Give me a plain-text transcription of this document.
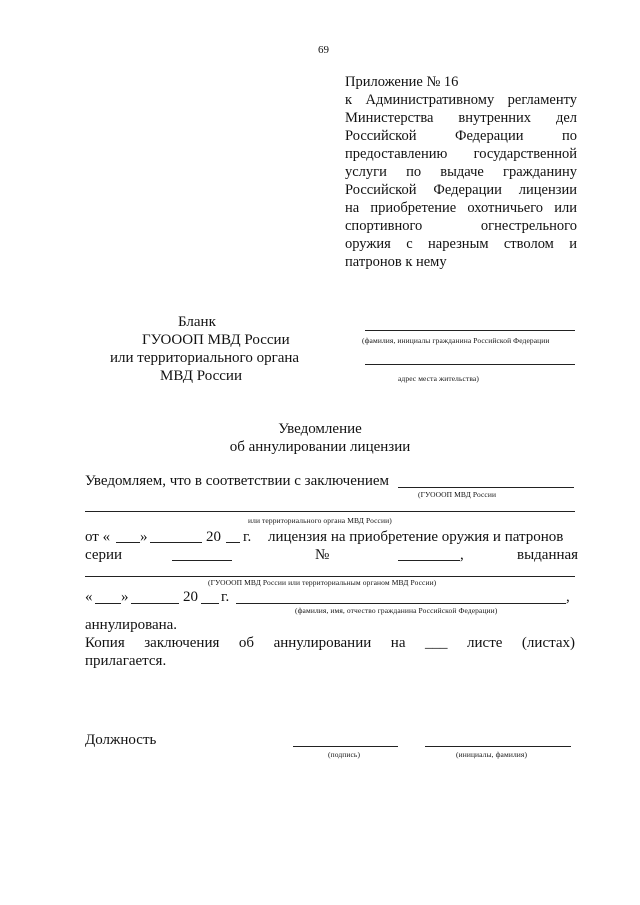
69
Приложение № 16
к Административному регламенту
Министерства внутренних дел
Российской Федерации по
предоставлению государственной
услуги по выдаче гражданину
Российской Федерации лицензии
на приобретение охотничьего или
спортивного огнестрельного
оружия с нарезным стволом и
патронов к нему
Бланк
ГУОООП МВД России
или территориального органа
МВД России
(фамилия, инициалы гражданина Российской Федерации
адрес места жительства)
Уведомление
об аннулировании лицензии
Уведомляем, что в соответствии с заключением
(ГУОООП МВД России
или территориального органа МВД России)
от « »	20 г. лицензия на приобретение оружия и патронов
серии	№	,	выданная
(ГУОООП МВД России или территориальным органом МВД России)
« »	20 г.	,
(фамилия, имя, отчество гражданина Российской Федерации)
аннулирована.
Копия заключения об аннулировании на ___ листе (листах)
прилагается.
Должность
(подпись)	(инициалы, фамилия)
